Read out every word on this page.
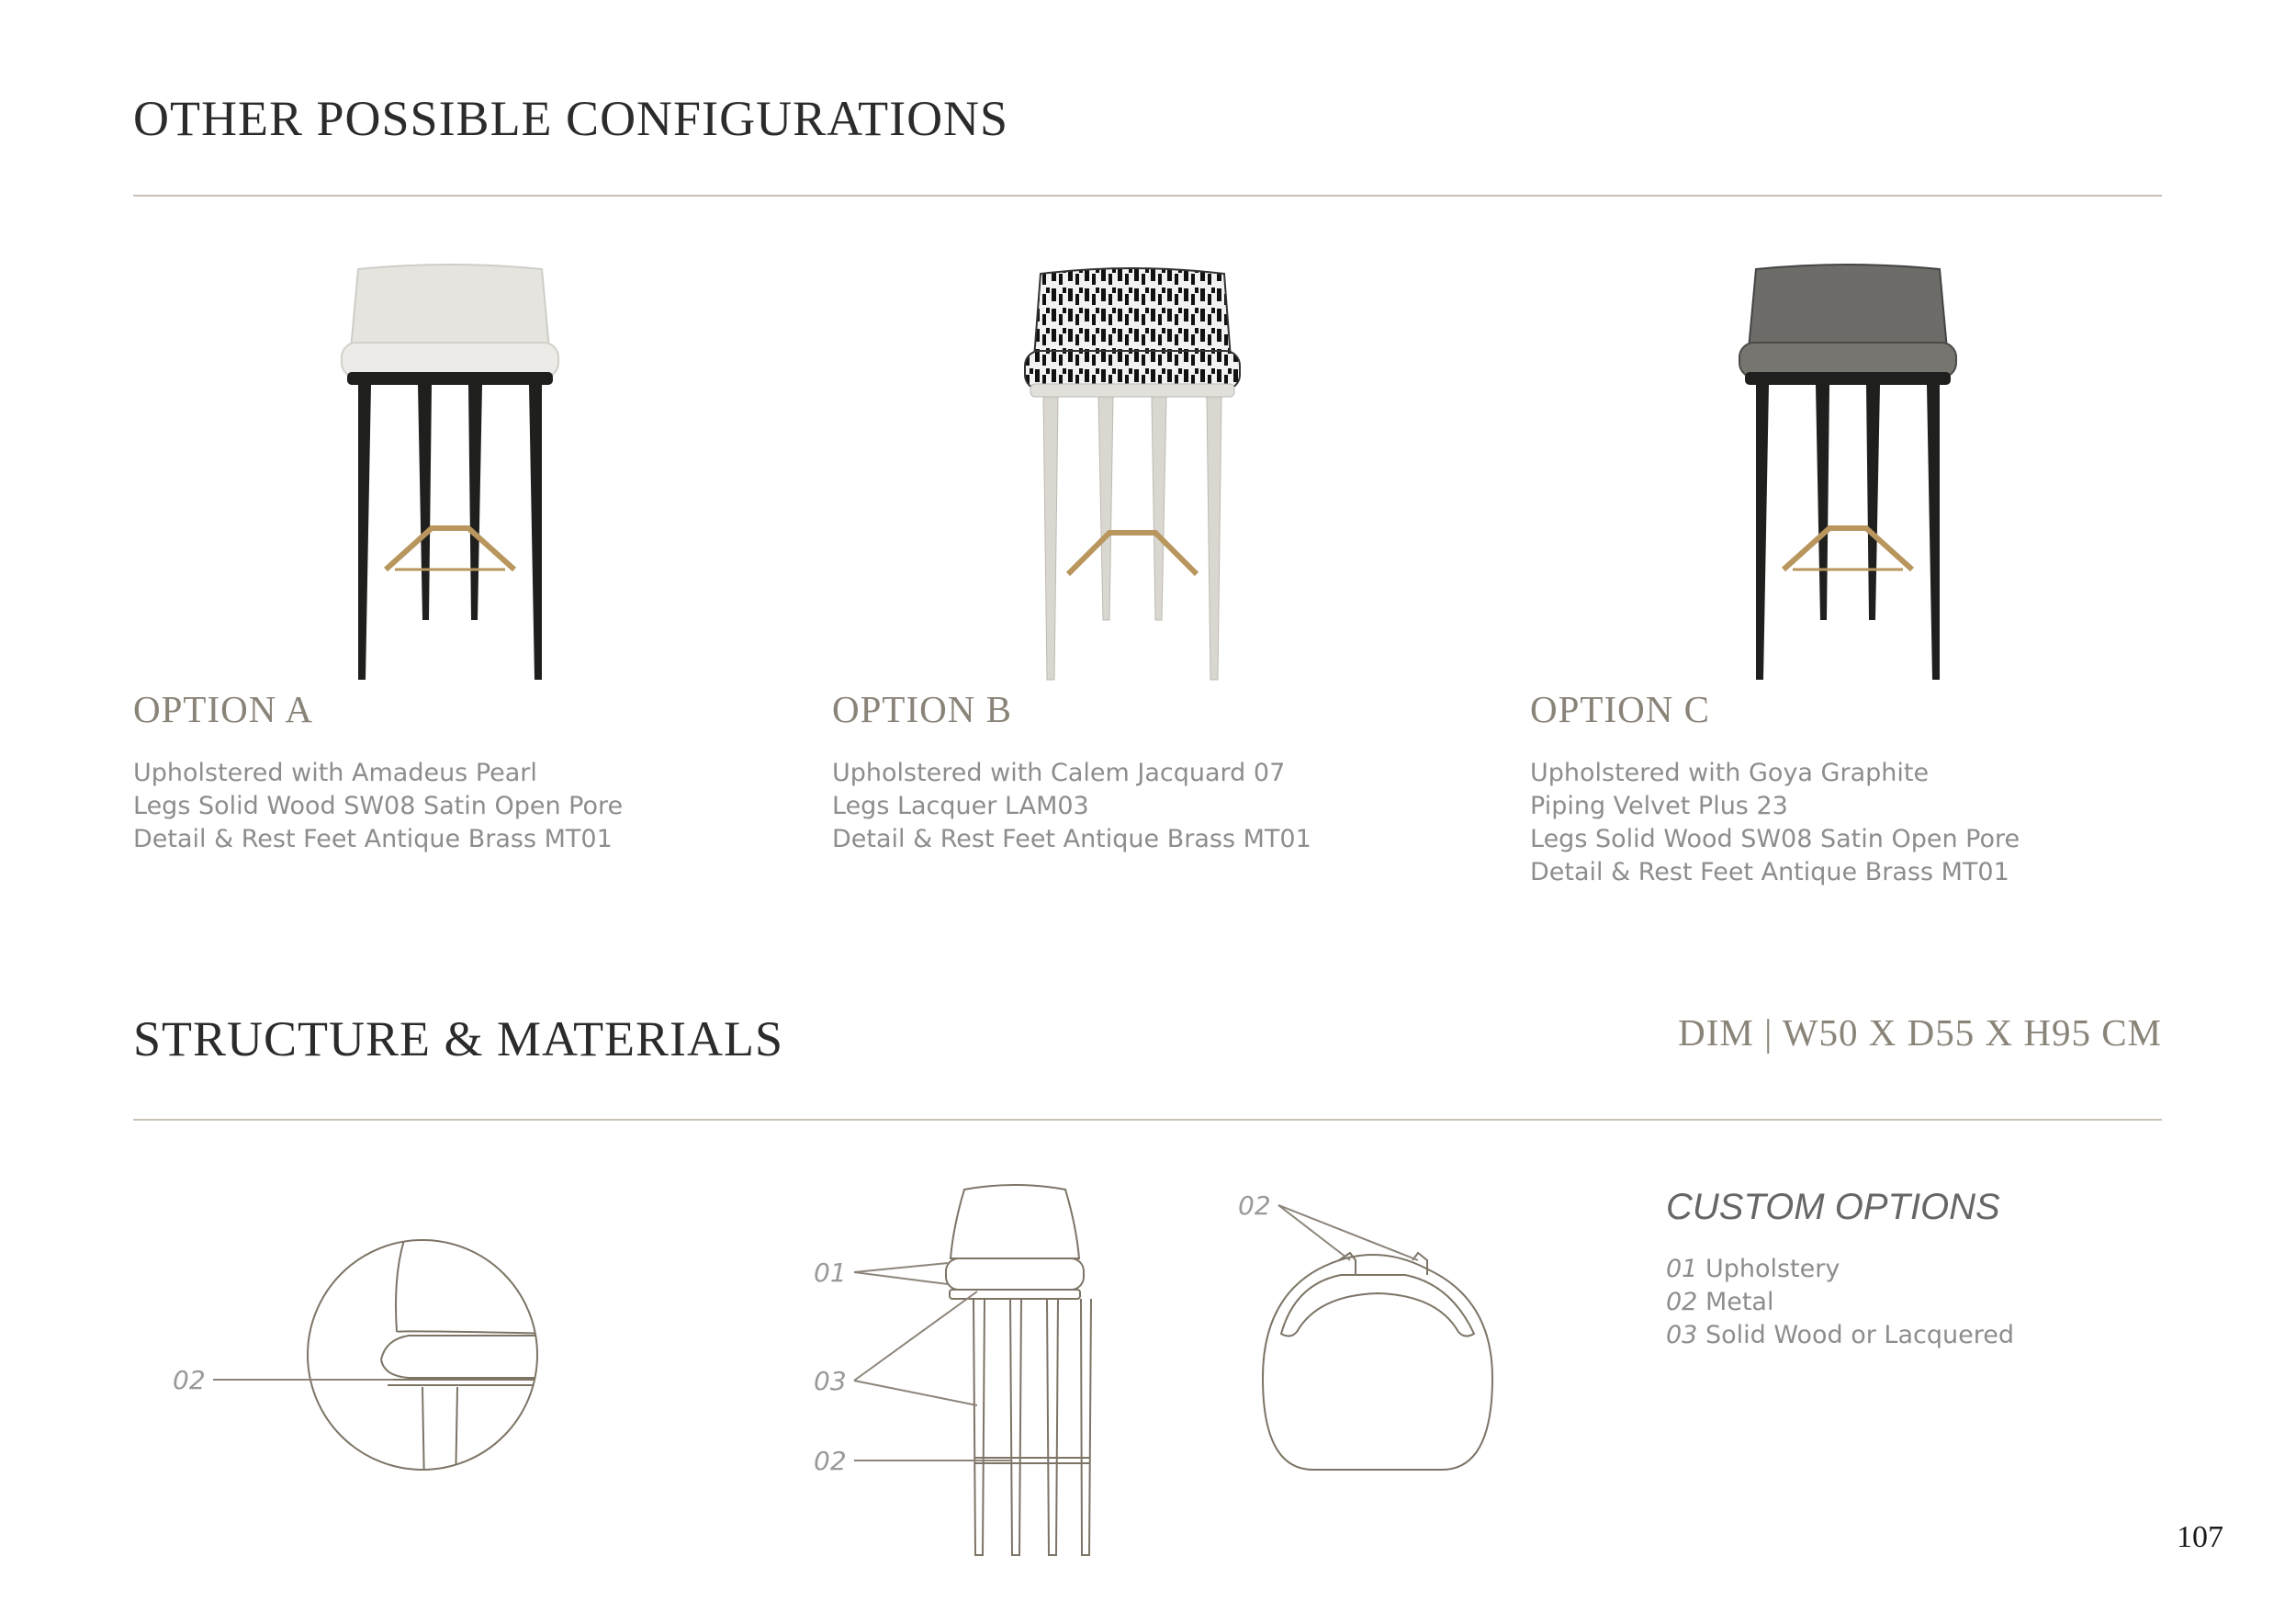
OTHER POSSIBLE CONFIGURATIONS
OPTION A
Upholstered with Amadeus Pearl
Legs Solid Wood SW08 Satin Open Pore
Detail & Rest Feet Antique Brass MT01
OPTION B
Upholstered with Calem Jacquard 07
Legs Lacquer LAM03
Detail & Rest Feet Antique Brass MT01
OPTION C
Upholstered with Goya Graphite
Piping Velvet Plus 23
Legs Solid Wood SW08 Satin Open Pore
Detail & Rest Feet Antique Brass MT01
STRUCTURE & MATERIALS	DIM | W50 X D55 X H95 CM
02
01
03
02
02	CUSTOM OPTIONS
01 Upholstery
02 Metal
03 Solid Wood or Lacquered
107
